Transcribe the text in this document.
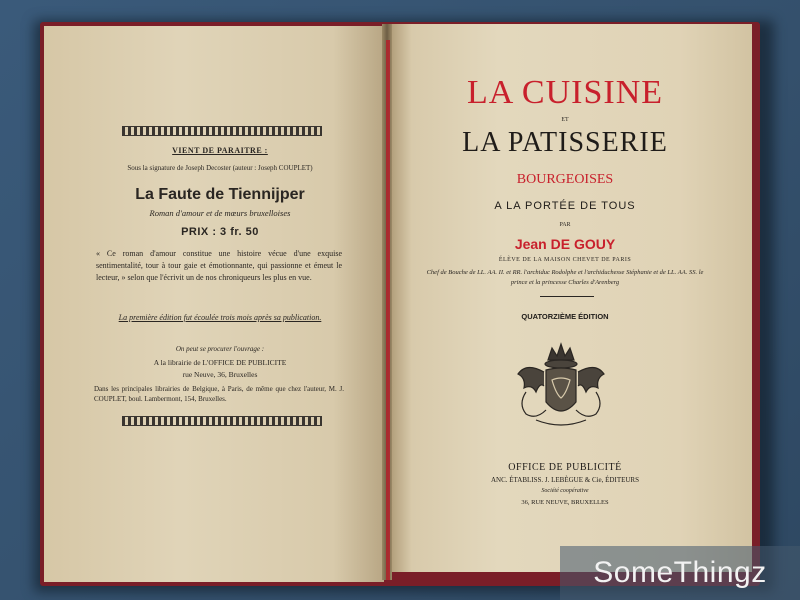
VIENT DE PARAITRE :
Sous la signature de Joseph Decoster (auteur : Joseph COUPLET)
La Faute de Tiennijper
Roman d'amour et de mœurs bruxelloises
PRIX : 3 fr. 50
« Ce roman d'amour constitue une histoire vécue d'une exquise sentimentalité, tour à tour gaie et émotionnante, qui passionne et émeut le lecteur, » selon que l'écrivit un de nos chroniqueurs les plus en vue.
La première édition fut écoulée trois mois après sa publication.
On peut se procurer l'ouvrage :
A la librairie de L'OFFICE DE PUBLICITE
rue Neuve, 36, Bruxelles
Dans les principales librairies de Belgique, à Paris, de même que chez l'auteur, M. J. COUPLET, boul. Lambermont, 154, Bruxelles.
LA CUISINE
ET
LA PATISSERIE
BOURGEOISES
A LA PORTÉE DE TOUS
PAR
Jean DE GOUY
ÉLÈVE DE LA MAISON CHEVET DE PARIS
Chef de Bouche de LL. AA. II. et RR. l'archiduc Rodolphe et l'archiduchesse Stéphanie et de LL. AA. SS. le prince et la princesse Charles d'Arenberg
QUATORZIÈME ÉDITION
OFFICE DE PUBLICITÉ
ANC. ÉTABLISS. J. LEBÈGUE & Cie, ÉDITEURS
Société coopérative
36, RUE NEUVE, BRUXELLES
SomeThingz
